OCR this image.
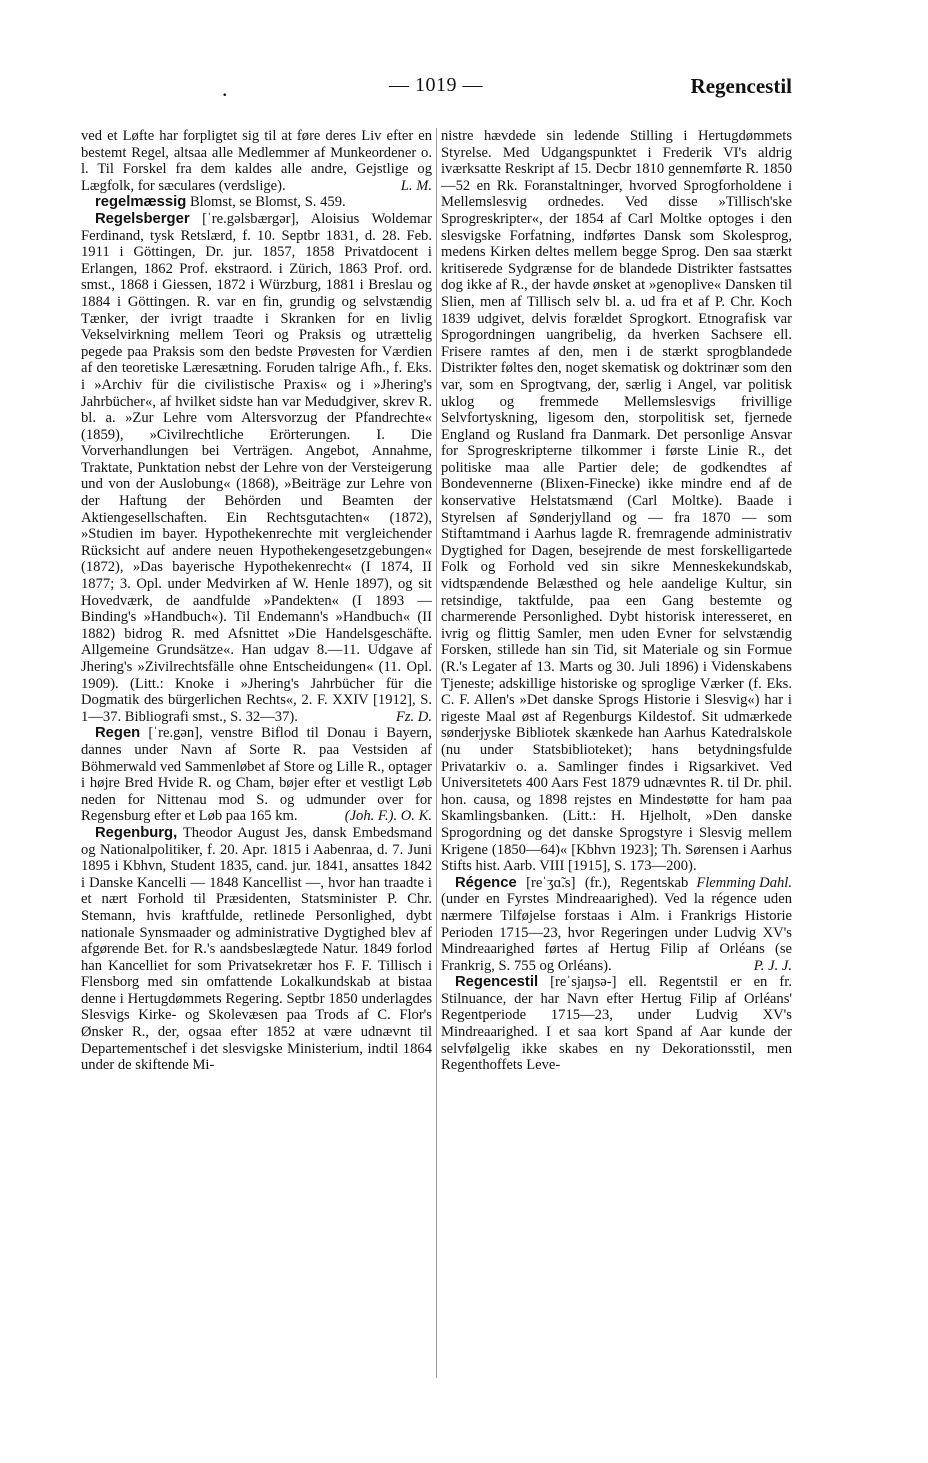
.	— 1019 —	Regencestil

ved et Løfte har forpligtet sig til at føre deres Liv efter en bestemt Regel, altsaa alle Medlemmer af Munkeordener o. l. Til Forskel fra dem kaldes alle andre, Gejstlige og Lægfolk, for sæculares (verdslige).	L. M.

regelmæssig Blomst, se Blomst, S. 459.

Regelsberger [ˈre.gəlsbærgər], Aloisius Woldemar Ferdinand, tysk Retslærd, f. 10. Septbr 1831, d. 28. Feb. 1911 i Göttingen, Dr. jur. 1857, 1858 Privatdocent i Erlangen, 1862 Prof. ekstraord. i Zürich, 1863 Prof. ord. smst., 1868 i Giessen, 1872 i Würzburg, 1881 i Breslau og 1884 i Göttingen. R. var en fin, grundig og selvstændig Tænker, der ivrigt traadte i Skranken for en livlig Vekselvirkning mellem Teori og Praksis og utrættelig pegede paa Praksis som den bedste Prøvesten for Værdien af den teoretiske Læresætning. Foruden talrige Afh., f. Eks. i »Archiv für die civilistische Praxis« og i »Jhering's Jahrbücher«, af hvilket sidste han var Medudgiver, skrev R. bl. a. »Zur Lehre vom Altersvorzug der Pfandrechte« (1859), »Civilrechtliche Erörterungen. I. Die Vorverhandlungen bei Verträgen. Angebot, Annahme, Traktate, Punktation nebst der Lehre von der Versteigerung und von der Auslobung« (1868), »Beiträge zur Lehre von der Haftung der Behörden und Beamten der Aktiengesellschaften. Ein Rechtsgutachten« (1872), »Studien im bayer. Hypothekenrechte mit vergleichender Rücksicht auf andere neuen Hypothekengesetzgebungen« (1872), »Das bayerische Hypothekenrecht« (I 1874, II 1877; 3. Opl. under Medvirken af W. Henle 1897), og sit Hovedværk, de aandfulde »Pandekten« (I 1893 — Binding's »Handbuch«). Til Endemann's »Handbuch« (II 1882) bidrog R. med Afsnittet »Die Handelsgeschäfte. Allgemeine Grundsätze«. Han udgav 8.—11. Udgave af Jhering's »Zivilrechtsfälle ohne Entscheidungen« (11. Opl. 1909). (Litt.: Knoke i »Jhering's Jahrbücher für die Dogmatik des bürgerlichen Rechts«, 2. F. XXIV [1912], S. 1—37. Bibliografi smst., S. 32—37).	Fz. D.

Regen [ˈre.gən], venstre Biflod til Donau i Bayern, dannes under Navn af Sorte R. paa Vestsiden af Böhmerwald ved Sammenløbet af Store og Lille R., optager i højre Bred Hvide R. og Cham, bøjer efter et vestligt Løb neden for Nittenau mod S. og udmunder over for Regensburg efter et Løb paa 165 km.	(Joh. F.). O. K.

Regenburg, Theodor August Jes, dansk Embedsmand og Nationalpolitiker, f. 20. Apr. 1815 i Aabenraa, d. 7. Juni 1895 i Kbhvn, Student 1835, cand. jur. 1841, ansattes 1842 i Danske Kancelli — 1848 Kancellist —, hvor han traadte i et nært Forhold til Præsidenten, Statsminister P. Chr. Stemann, hvis kraftfulde, retlinede Personlighed, dybt nationale Synsmaader og administrative Dygtighed blev af afgørende Bet. for R.'s aandsbeslægtede Natur. 1849 forlod han Kancelliet for som Privatsekretær hos F. F. Tillisch i Flensborg med sin omfattende Lokalkundskab at bistaa denne i Hertugdømmets Regering. Septbr 1850 underlagdes Slesvigs Kirke- og Skolevæsen paa Trods af C. Flor's Ønsker R., der, ogsaa efter 1852 at være udnævnt til Departementschef i det slesvigske Ministerium, indtil 1864 under de skiftende Mi-

nistre hævdede sin ledende Stilling i Hertugdømmets Styrelse. Med Udgangspunktet i Frederik VI's aldrig iværksatte Reskript af 15. Decbr 1810 gennemførte R. 1850—52 en Rk. Foranstaltninger, hvorved Sprogforholdene i Mellemslesvig ordnedes. Ved disse »Tillisch'ske Sprogreskripter«, der 1854 af Carl Moltke optoges i den slesvigske Forfatning, indførtes Dansk som Skolesprog, medens Kirken deltes mellem begge Sprog. Den saa stærkt kritiserede Sydgrænse for de blandede Distrikter fastsattes dog ikke af R., der havde ønsket at »genoplive« Dansken til Slien, men af Tillisch selv bl. a. ud fra et af P. Chr. Koch 1839 udgivet, delvis forældet Sprogkort. Etnografisk var Sprogordningen uangribelig, da hverken Sachsere ell. Frisere ramtes af den, men i de stærkt sprogblandede Distrikter føltes den, noget skematisk og doktrinær som den var, som en Sprogtvang, der, særlig i Angel, var politisk uklog og fremmede Mellemslesvigs frivillige Selvfortyskning, ligesom den, storpolitisk set, fjernede England og Rusland fra Danmark. Det personlige Ansvar for Sprogreskripterne tilkommer i første Linie R., det politiske maa alle Partier dele; de godkendtes af Bondevennerne (Blixen-Finecke) ikke mindre end af de konservative Helstatsmænd (Carl Moltke). Baade i Styrelsen af Sønderjylland og — fra 1870 — som Stiftamtmand i Aarhus lagde R. fremragende administrativ Dygtighed for Dagen, besejrende de mest forskelligartede Folk og Forhold ved sin sikre Menneskekundskab, vidtspændende Belæsthed og hele aandelige Kultur, sin retsindige, taktfulde, paa een Gang bestemte og charmerende Personlighed. Dybt historisk interesseret, en ivrig og flittig Samler, men uden Evner for selvstændig Forsken, stillede han sin Tid, sit Materiale og sin Formue (R.'s Legater af 13. Marts og 30. Juli 1896) i Videnskabens Tjeneste; adskillige historiske og sproglige Værker (f. Eks. C. F. Allen's »Det danske Sprogs Historie i Slesvig«) har i rigeste Maal øst af Regenburgs Kildestof. Sit udmærkede sønderjyske Bibliotek skænkede han Aarhus Katedralskole (nu under Statsbiblioteket); hans betydningsfulde Privatarkiv o. a. Samlinger findes i Rigsarkivet. Ved Universitetets 400 Aars Fest 1879 udnævntes R. til Dr. phil. hon. causa, og 1898 rejstes en Mindestøtte for ham paa Skamlingsbanken. (Litt.: H. Hjelholt, »Den danske Sprogordning og det danske Sprogstyre i Slesvig mellem Krigene (1850—64)« [Kbhvn 1923]; Th. Sørensen i Aarhus Stifts hist. Aarb. VIII [1915], S. 173—200).
Flemming Dahl.

Régence [reˈʒɑ̃.s] (fr.), Regentskab (under en Fyrstes Mindreaarighed). Ved la régence uden nærmere Tilføjelse forstaas i Alm. i Frankrigs Historie Perioden 1715—23, hvor Regeringen under Ludvig XV's Mindreaarighed førtes af Hertug Filip af Orléans (se Frankrig, S. 755 og Orléans).	P. J. J.

Regencestil [reˈsjaŋsə-] ell. Regentstil er en fr. Stilnuance, der har Navn efter Hertug Filip af Orléans' Regentperiode 1715—23, under Ludvig XV's Mindreaarighed. I et saa kort Spand af Aar kunde der selvfølgelig ikke skabes en ny Dekorationsstil, men Regenthoffets Leve-
